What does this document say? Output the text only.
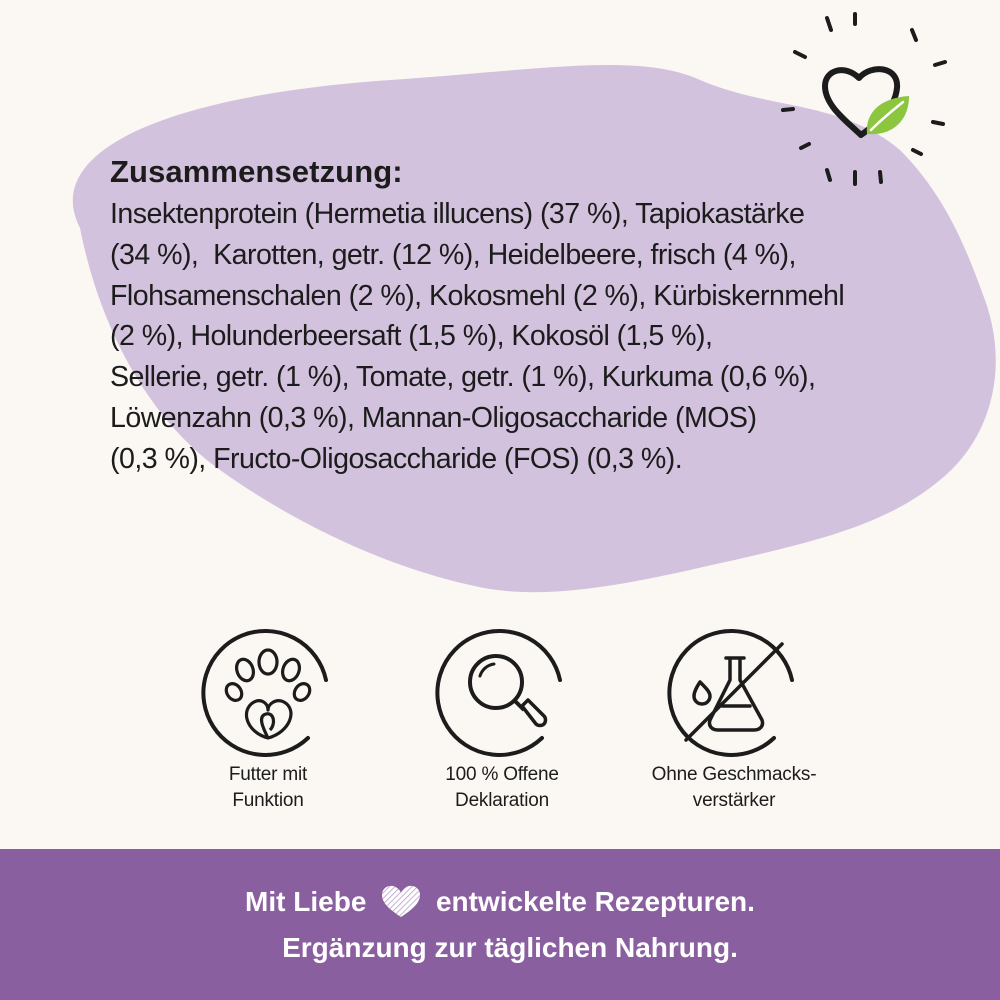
Zusammensetzung:

Insektenprotein (Hermetia illucens) (37 %), Tapiokastärke
(34 %),  Karotten, getr. (12 %), Heidelbeere, frisch (4 %),
Flohsamenschalen (2 %), Kokosmehl (2 %), Kürbiskernmehl
(2 %), Holunderbeersaft (1,5 %), Kokosöl (1,5 %),
Sellerie, getr. (1 %), Tomate, getr. (1 %), Kurkuma (0,6 %),
Löwenzahn (0,3 %), Mannan-Oligosaccharide (MOS)
(0,3 %), Fructo-Oligosaccharide (FOS) (0,3 %).

Futter mit
Funktion
100 % Offene
Deklaration
Ohne Geschmacks-
verstärker
Mit Liebe entwickelte Rezepturen.
Ergänzung zur täglichen Nahrung.
